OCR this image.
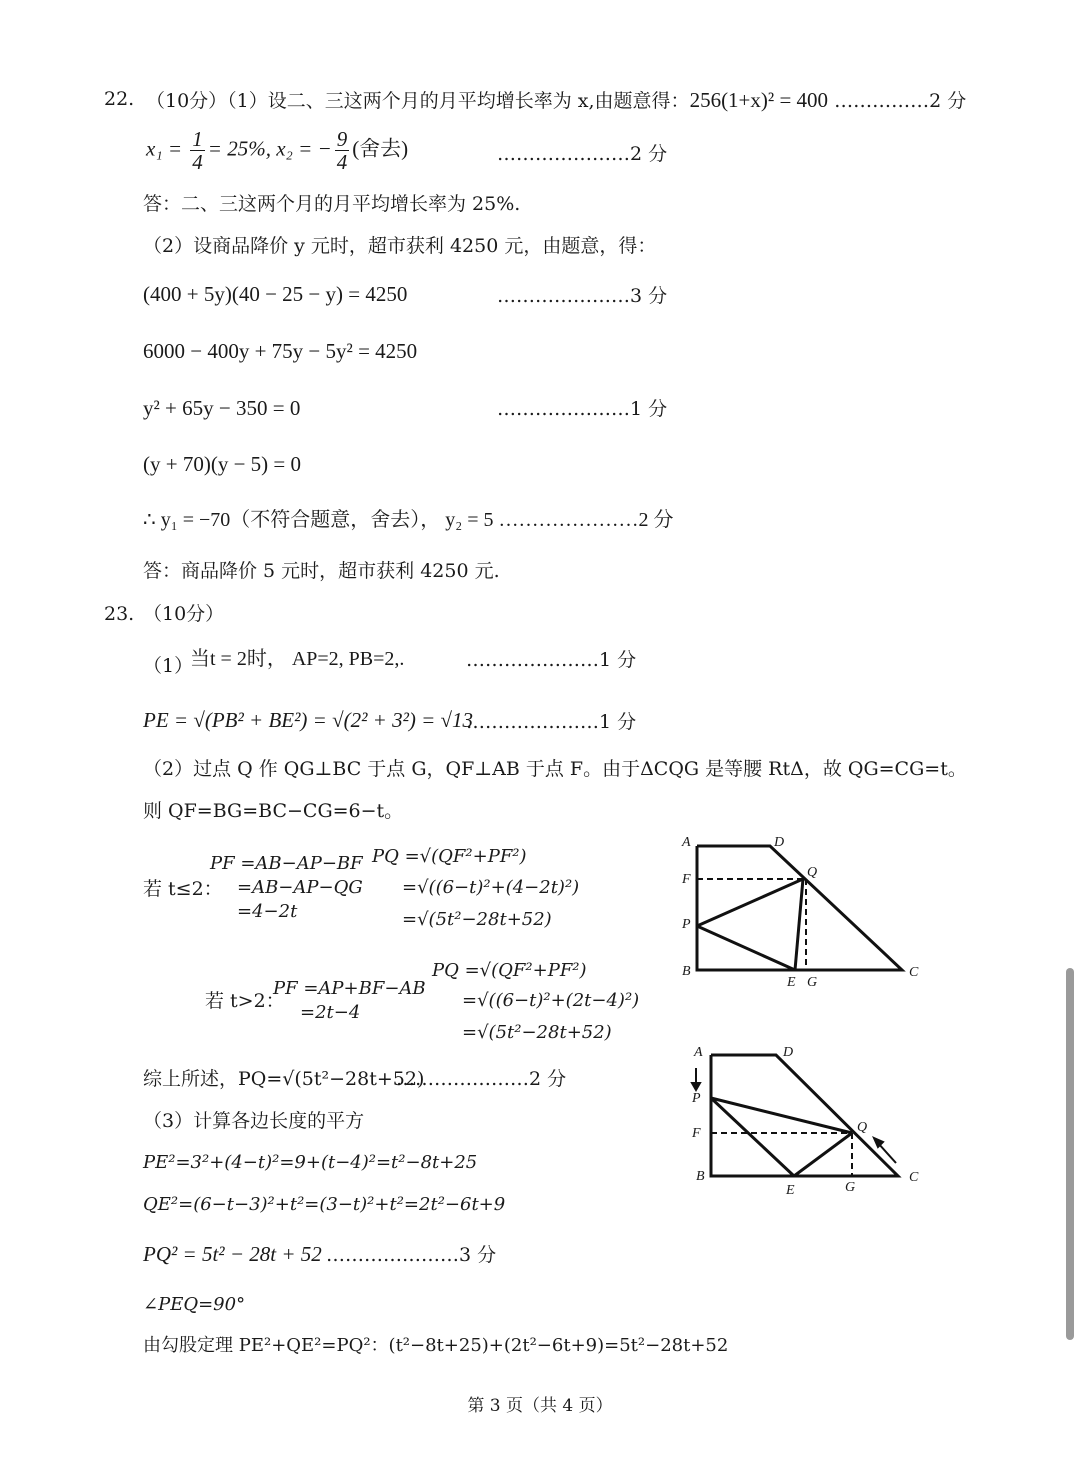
22. （10分）（1）设二、三这两个月的月平均增长率为 x,由题意得：256(1+x)² = 400 ……………2 分
$x_1 = \frac{1}{4} = 25\%$, x₂ = − $\frac{9}{4}$ (舍去)	…………………2 分
答：二、三这两个月的月平均增长率为 25%.
（2）设商品降价 y 元时，超市获利 4250 元，由题意，得：
(400 + 5y)(40 − 25 − y) = 4250	…………………3 分
6000 − 400y + 75y − 5y² = 4250
y² + 65y − 350 = 0	…………………1 分
(y + 70)(y − 5) = 0
∴ y₁ = −70（不符合题意，舍去）， y₂ = 5 …………………2 分
答：商品降价 5 元时，超市获利 4250 元.
23. （10分）
（1）
当t = 2时， AP=2, PB=2,.	…………………1 分
PE = √(PB² + BE²) = √(2² + 3²) = √13
…………………1 分
（2）过点 Q 作 QG⊥BC 于点 G，QF⊥AB 于点 F。由于ΔCQG 是等腰 RtΔ，故 QG=CG=t。
则 QF=BG=BC−CG=6−t。
若 t≤2：
PF =AB−AP−BF
=AB−AP−QG
=4−2t
PQ =√(QF²+PF²)
=√((6−t)²+(4−2t)²)
=√(5t²−28t+52)
若 t>2：
PF =AP+BF−AB
=2t−4
PQ =√(QF²+PF²)
=√((6−t)²+(2t−4)²)
=√(5t²−28t+52)
综上所述，PQ=√(5t²−28t+52)
…………………2 分
（3）计算各边长度的平方
PE²=3²+(4−t)²=9+(t−4)²=t²−8t+25
QE²=(6−t−3)²+t²=(3−t)²+t²=2t²−6t+9
PQ² = 5t² − 28t + 52 …………………3 分
∠PEQ=90°
由勾股定理 PE²+QE²=PQ²：(t²−8t+25)+(2t²−6t+9)=5t²−28t+52
A	D
F	Q
P
B
E G
C
A	D
P
F	Q
B
E	G
C
第 3 页（共 4 页）
